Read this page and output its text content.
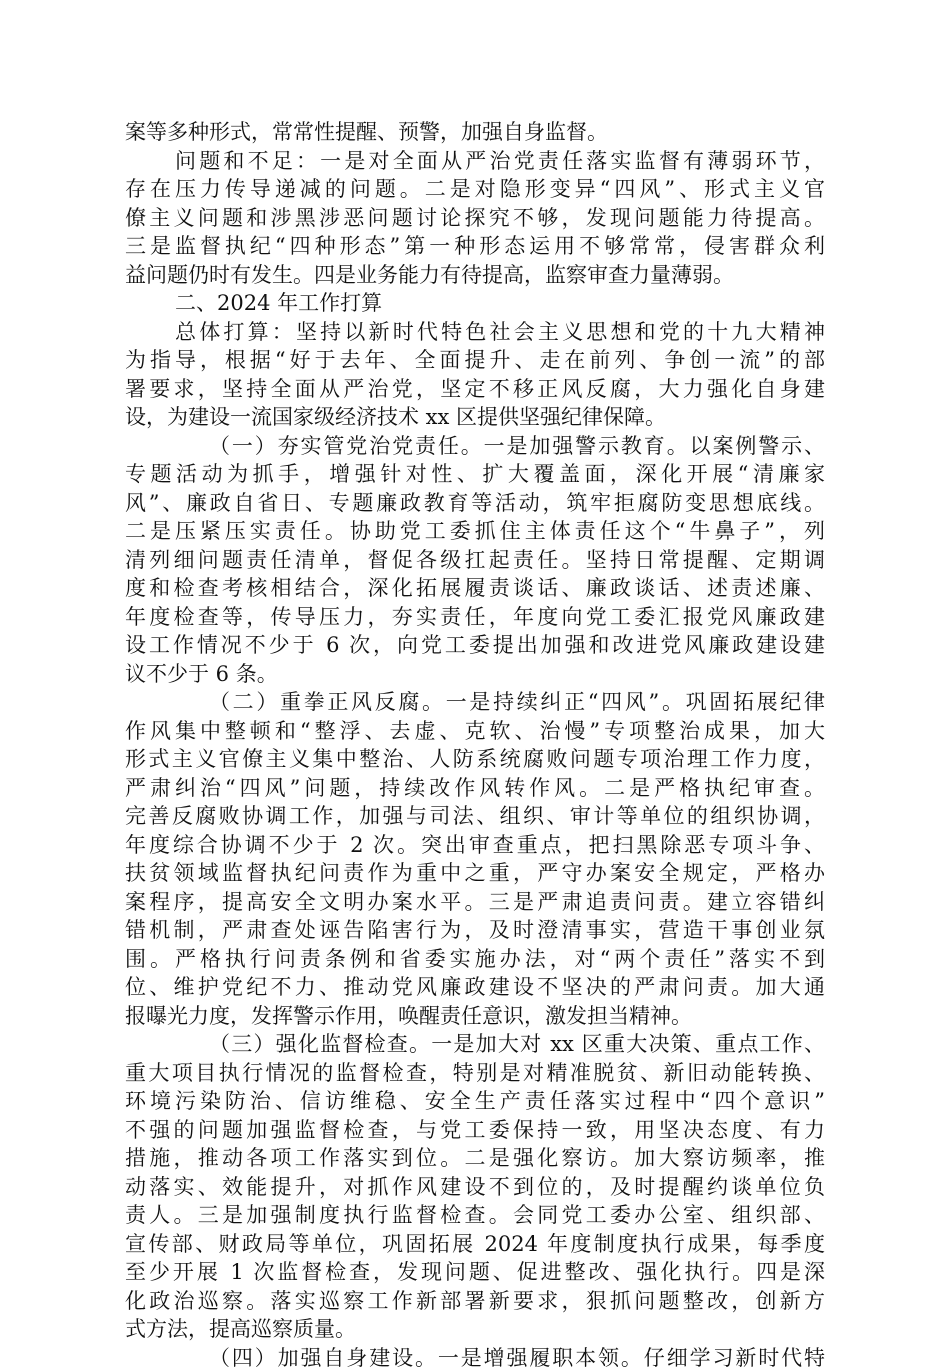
案等多种形式，常常性提醒、预警，加强自身监督。
问题和不足：一是对全面从严治党责任落实监督有薄弱环节，
存在压力传导递减的问题。二是对隐形变异“四风”、形式主义官
僚主义问题和涉黑涉恶问题讨论探究不够，发现问题能力待提高。
三是监督执纪“四种形态”第一种形态运用不够常常，侵害群众利
益问题仍时有发生。四是业务能力有待提高，监察审查力量薄弱。
二、2024 年工作打算
总体打算：坚持以新时代特色社会主义思想和党的十九大精神
为指导，根据“好于去年、全面提升、走在前列、争创一流”的部
署要求，坚持全面从严治党，坚定不移正风反腐，大力强化自身建
设，为建设一流国家级经济技术 xx 区提供坚强纪律保障。
（一）夯实管党治党责任。一是加强警示教育。以案例警示、
专题活动为抓手，增强针对性、扩大覆盖面，深化开展“清廉家
风”、廉政自省日、专题廉政教育等活动，筑牢拒腐防变思想底线。
二是压紧压实责任。协助党工委抓住主体责任这个“牛鼻子”，列
清列细问题责任清单，督促各级扛起责任。坚持日常提醒、定期调
度和检查考核相结合，深化拓展履责谈话、廉政谈话、述责述廉、
年度检查等，传导压力，夯实责任，年度向党工委汇报党风廉政建
设工作情况不少于 6 次，向党工委提出加强和改进党风廉政建设建
议不少于 6 条。
（二）重拳正风反腐。一是持续纠正“四风”。巩固拓展纪律
作风集中整顿和“整浮、去虚、克软、治慢”专项整治成果，加大
形式主义官僚主义集中整治、人防系统腐败问题专项治理工作力度，
严肃纠治“四风”问题，持续改作风转作风。二是严格执纪审查。
完善反腐败协调工作，加强与司法、组织、审计等单位的组织协调，
年度综合协调不少于 2 次。突出审查重点，把扫黑除恶专项斗争、
扶贫领域监督执纪问责作为重中之重，严守办案安全规定，严格办
案程序，提高安全文明办案水平。三是严肃追责问责。建立容错纠
错机制，严肃查处诬告陷害行为，及时澄清事实，营造干事创业氛
围。严格执行问责条例和省委实施办法，对“两个责任”落实不到
位、维护党纪不力、推动党风廉政建设不坚决的严肃问责。加大通
报曝光力度，发挥警示作用，唤醒责任意识，激发担当精神。
（三）强化监督检查。一是加大对 xx 区重大决策、重点工作、
重大项目执行情况的监督检查，特别是对精准脱贫、新旧动能转换、
环境污染防治、信访维稳、安全生产责任落实过程中“四个意识”
不强的问题加强监督检查，与党工委保持一致，用坚决态度、有力
措施，推动各项工作落实到位。二是强化察访。加大察访频率，推
动落实、效能提升，对抓作风建设不到位的，及时提醒约谈单位负
责人。三是加强制度执行监督检查。会同党工委办公室、组织部、
宣传部、财政局等单位，巩固拓展 2024 年度制度执行成果，每季度
至少开展 1 次监督检查，发现问题、促进整改、强化执行。四是深
化政治巡察。落实巡察工作新部署新要求，狠抓问题整改，创新方
式方法，提高巡察质量。
（四）加强自身建设。一是增强履职本领。仔细学习新时代特
